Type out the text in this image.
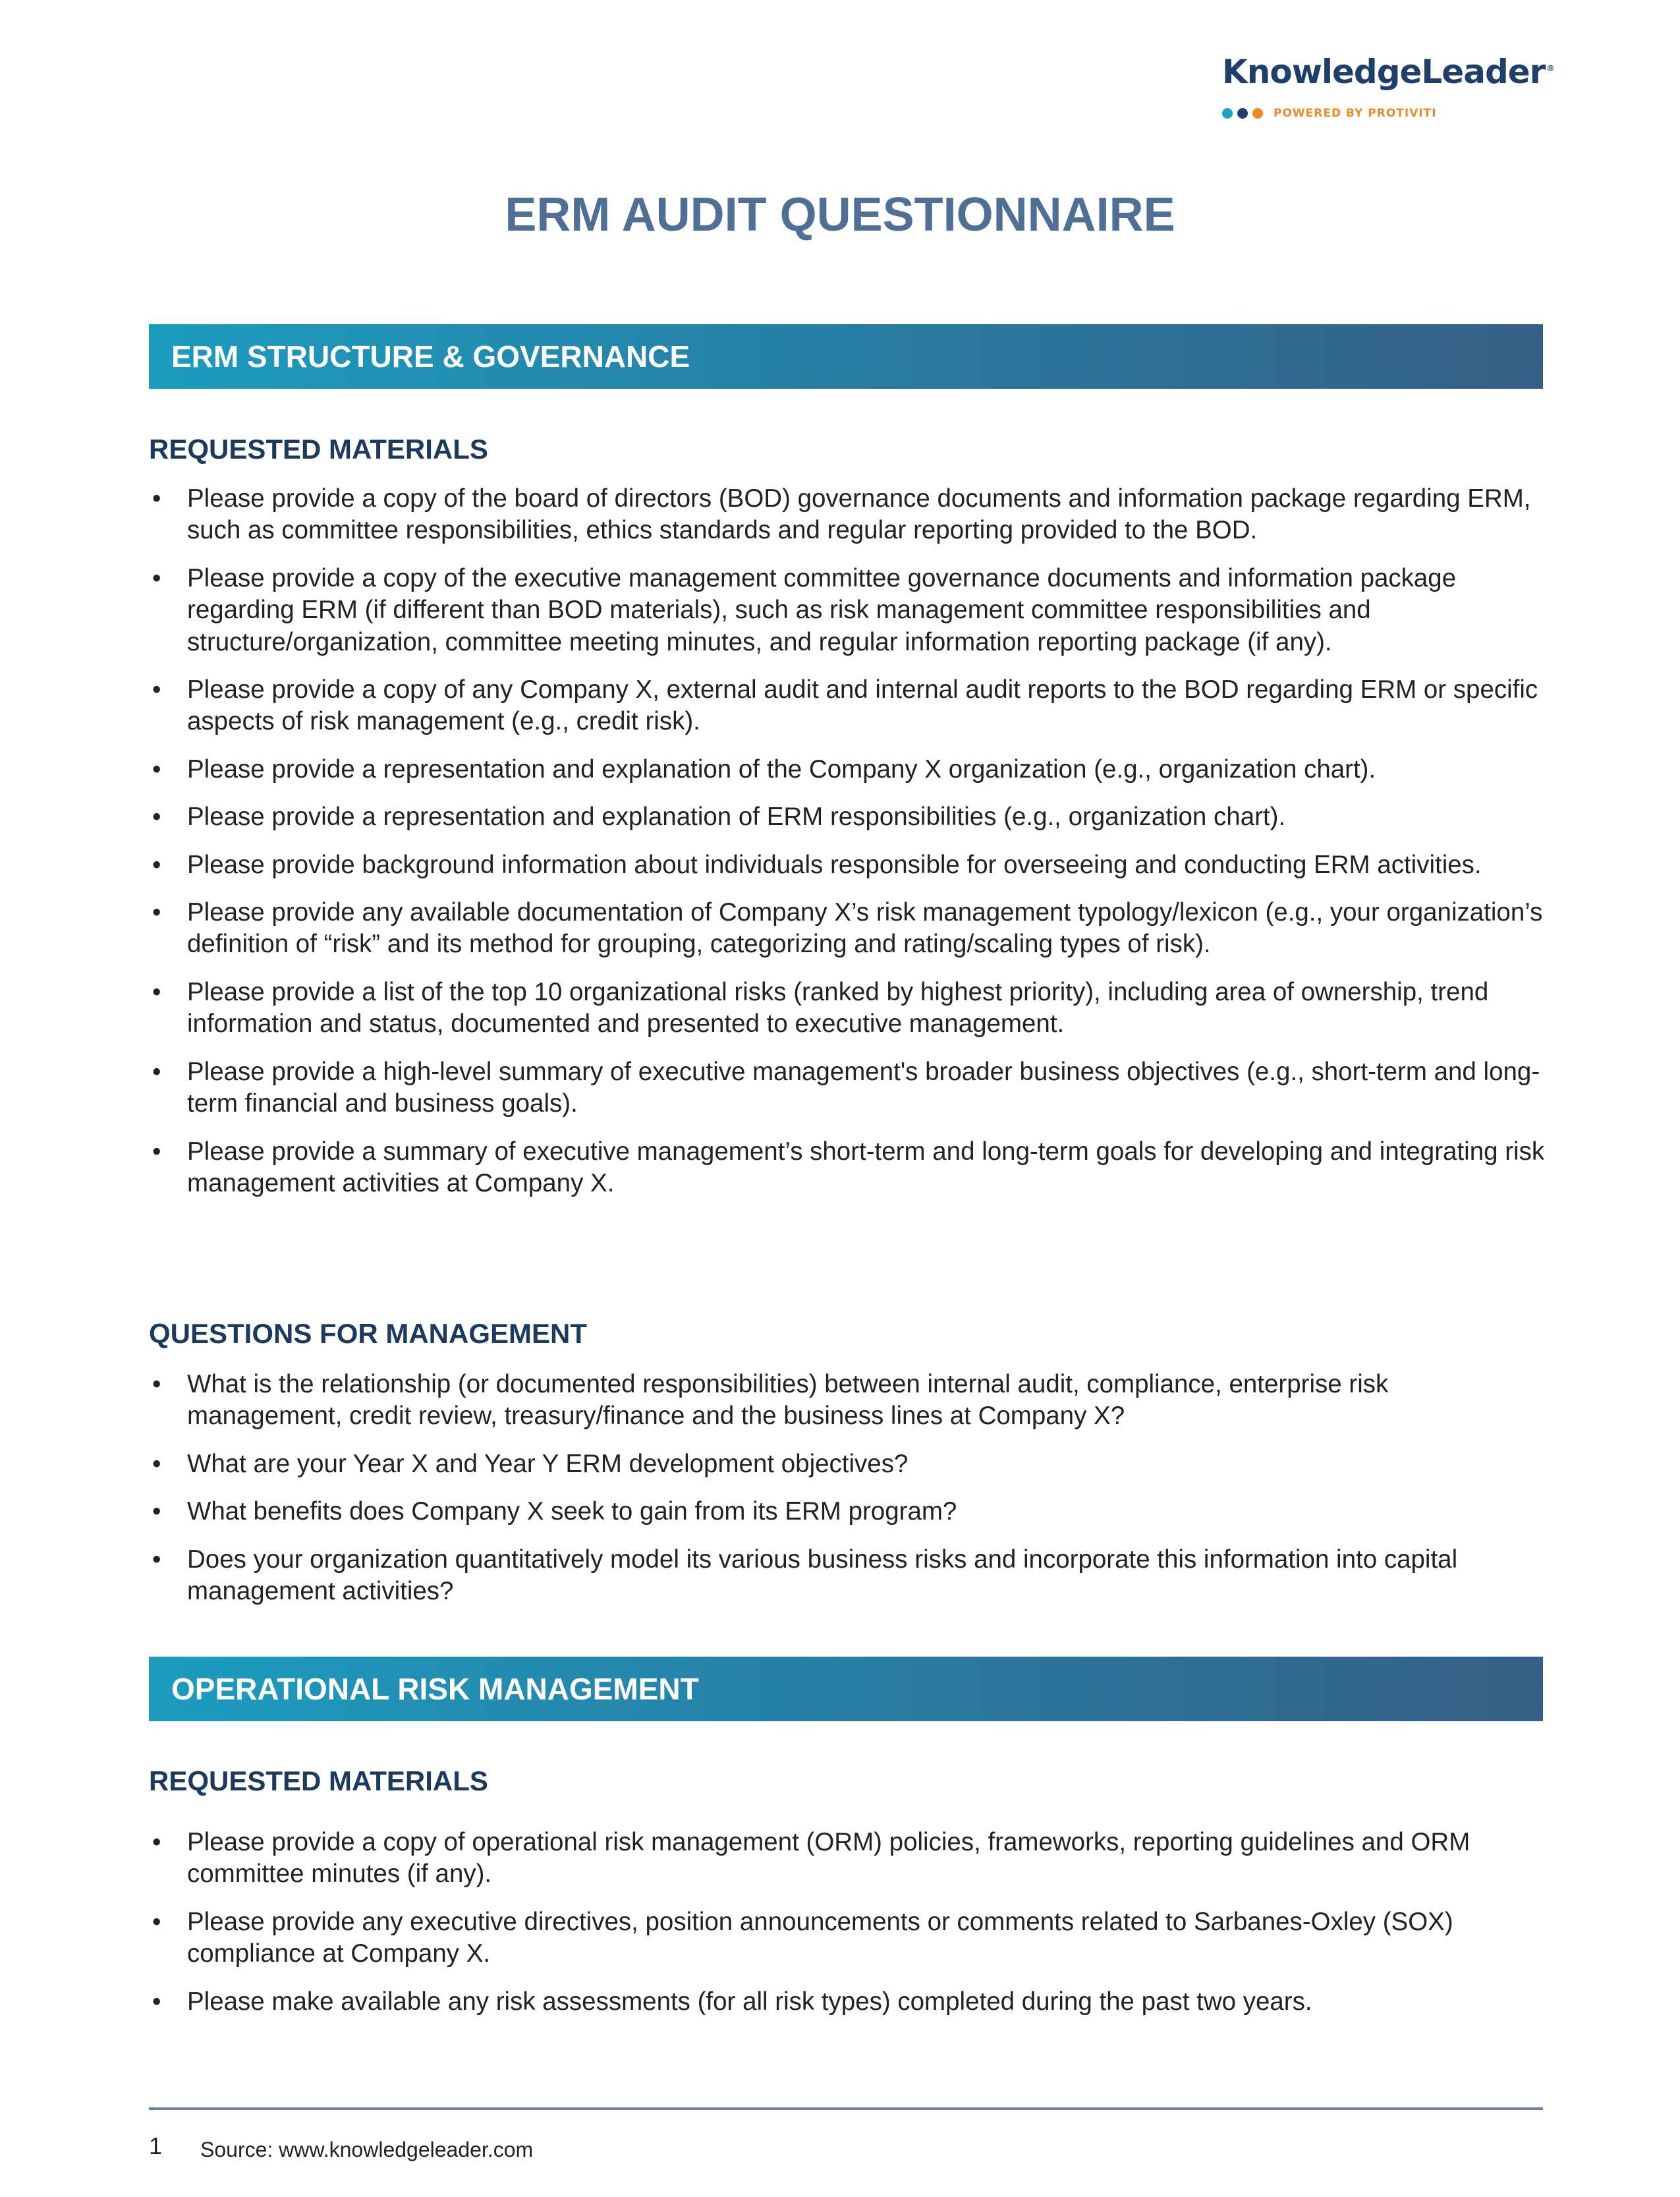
KnowledgeLeader ®
POWERED BY PROTIVITI
ERM AUDIT QUESTIONNAIRE
ERM STRUCTURE & GOVERNANCE
REQUESTED MATERIALS
• Please provide a copy of the board of directors (BOD) governance documents and information package regarding ERM, such as committee responsibilities, ethics standards and regular reporting provided to the BOD.
• Please provide a copy of the executive management committee governance documents and information package regarding ERM (if different than BOD materials), such as risk management committee responsibilities and structure/organization, committee meeting minutes, and regular information reporting package (if any).
• Please provide a copy of any Company X, external audit and internal audit reports to the BOD regarding ERM or specific aspects of risk management (e.g., credit risk).
• Please provide a representation and explanation of the Company X organization (e.g., organization chart).
• Please provide a representation and explanation of ERM responsibilities (e.g., organization chart).
• Please provide background information about individuals responsible for overseeing and conducting ERM activities.
• Please provide any available documentation of Company X’s risk management typology/lexicon (e.g., your organization’s definition of “risk” and its method for grouping, categorizing and rating/scaling types of risk).
• Please provide a list of the top 10 organizational risks (ranked by highest priority), including area of ownership, trend information and status, documented and presented to executive management.
• Please provide a high-level summary of executive management's broader business objectives (e.g., short-term and long-term financial and business goals).
• Please provide a summary of executive management’s short-term and long-term goals for developing and integrating risk management activities at Company X.
QUESTIONS FOR MANAGEMENT
• What is the relationship (or documented responsibilities) between internal audit, compliance, enterprise risk management, credit review, treasury/finance and the business lines at Company X?
• What are your Year X and Year Y ERM development objectives?
• What benefits does Company X seek to gain from its ERM program?
• Does your organization quantitatively model its various business risks and incorporate this information into capital management activities?
OPERATIONAL RISK MANAGEMENT
REQUESTED MATERIALS
• Please provide a copy of operational risk management (ORM) policies, frameworks, reporting guidelines and ORM committee minutes (if any).
• Please provide any executive directives, position announcements or comments related to Sarbanes-Oxley (SOX) compliance at Company X.
• Please make available any risk assessments (for all risk types) completed during the past two years.
1 Source: www.knowledgeleader.com
